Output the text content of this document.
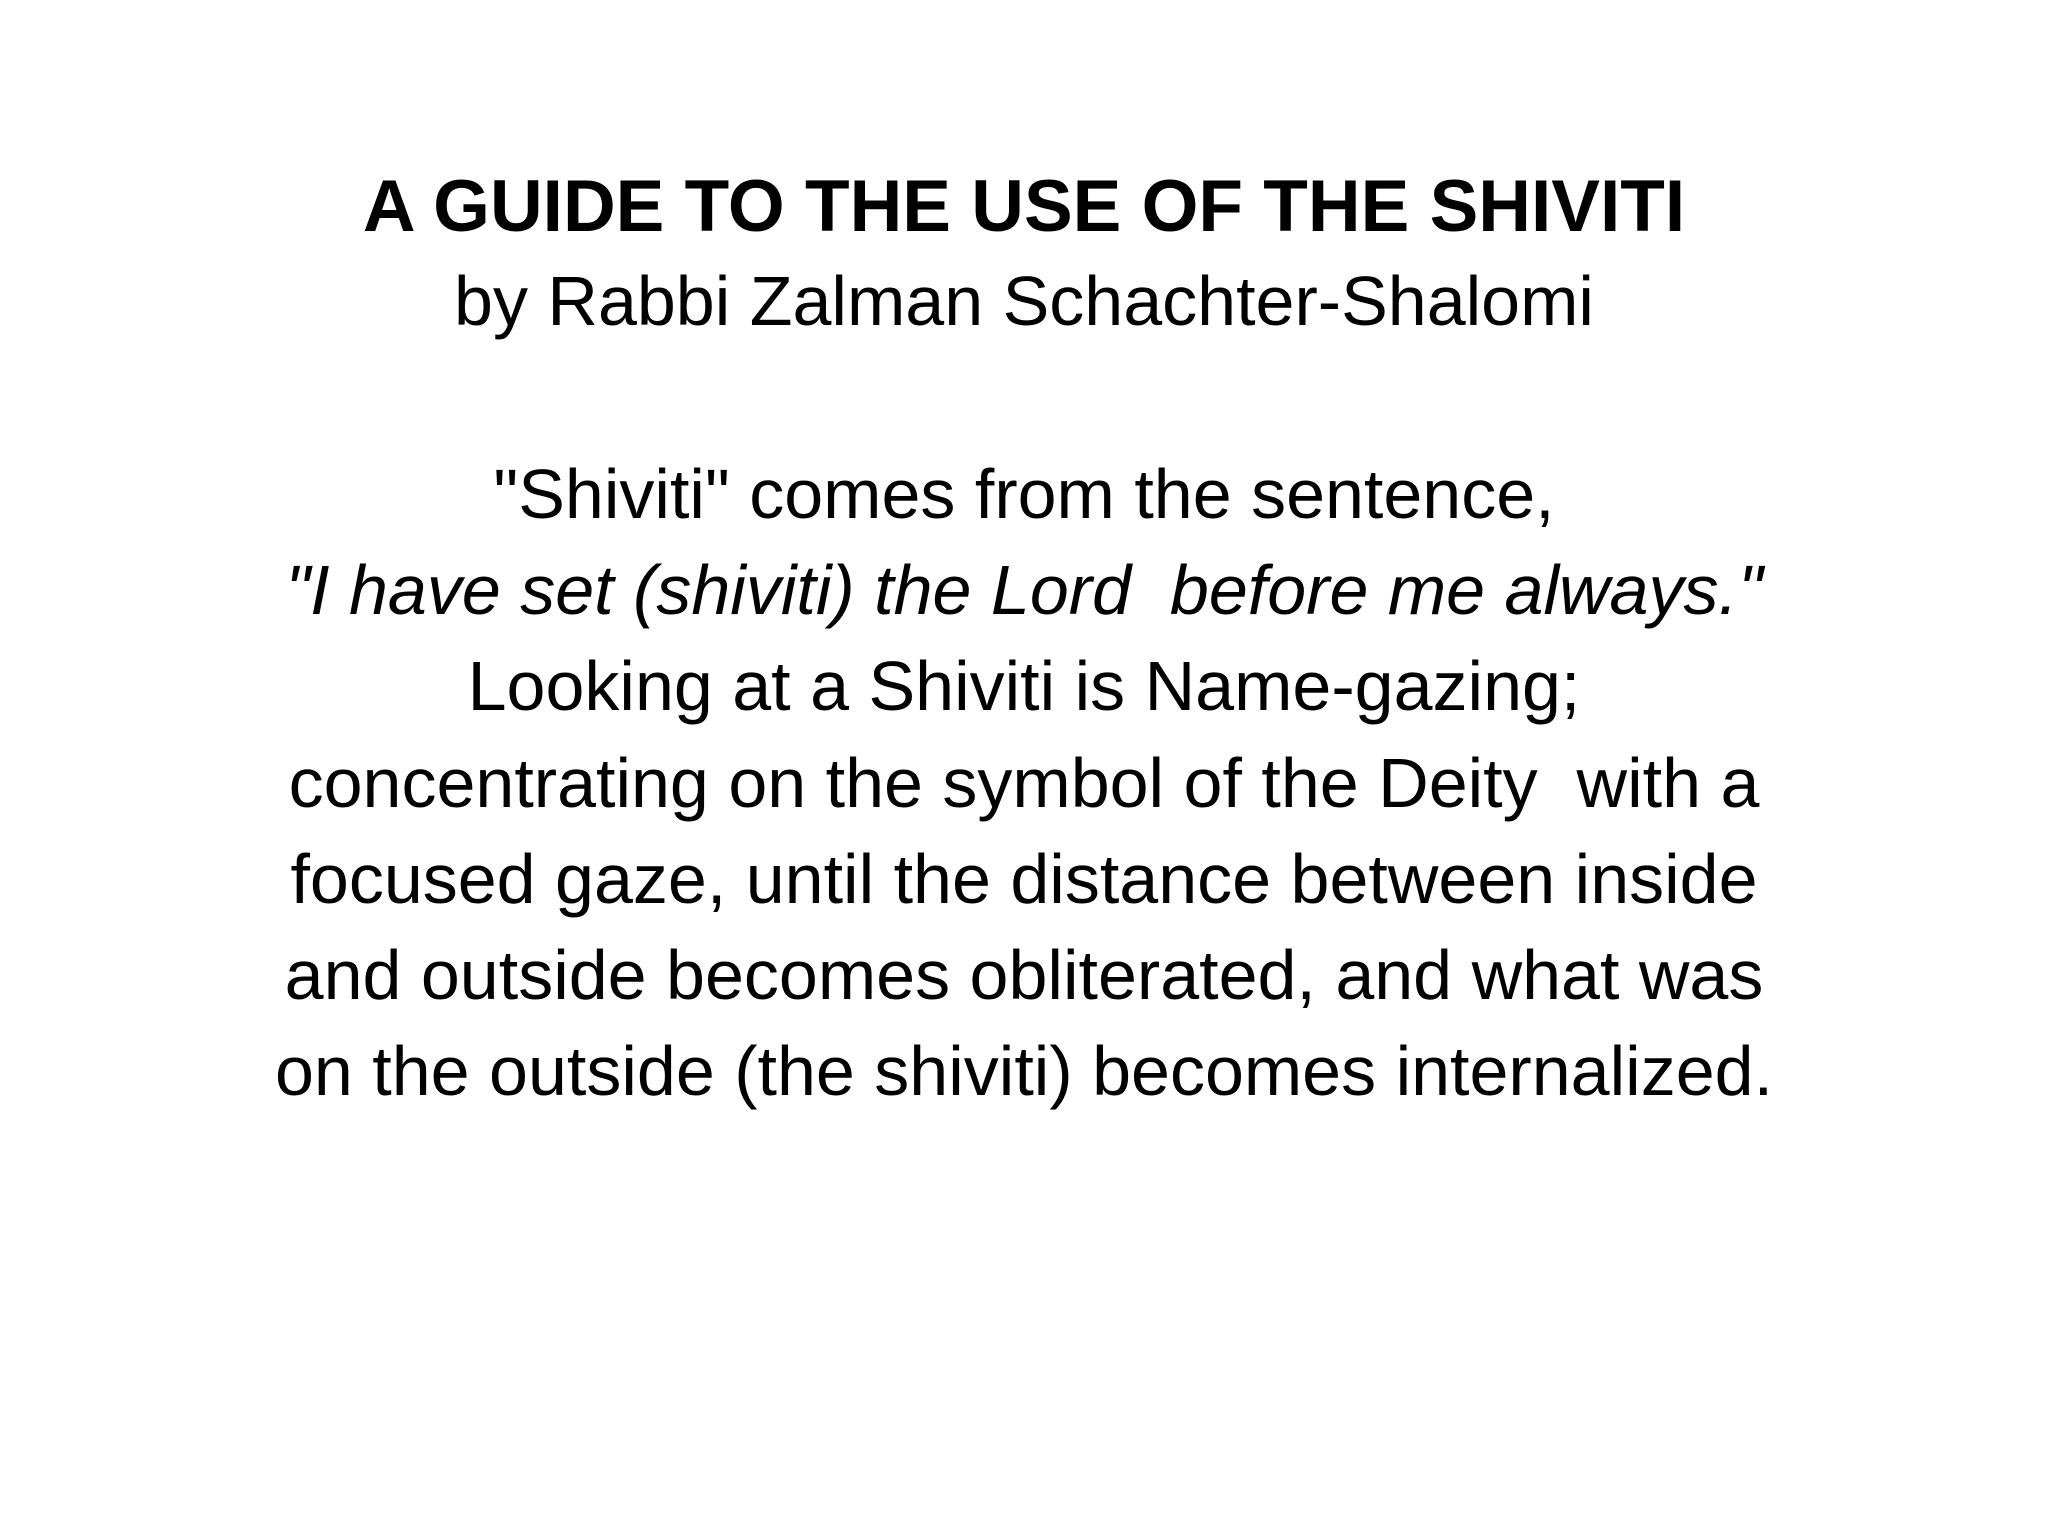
A GUIDE TO THE USE OF THE SHIVITI

by Rabbi Zalman Schachter-Shalomi

"Shiviti" comes from the sentence,

"I have set (shiviti) the Lord  before me always."

Looking at a Shiviti is Name-gazing;

concentrating on the symbol of the Deity  with a

focused gaze, until the distance between inside

and outside becomes obliterated, and what was

on the outside (the shiviti) becomes internalized.
